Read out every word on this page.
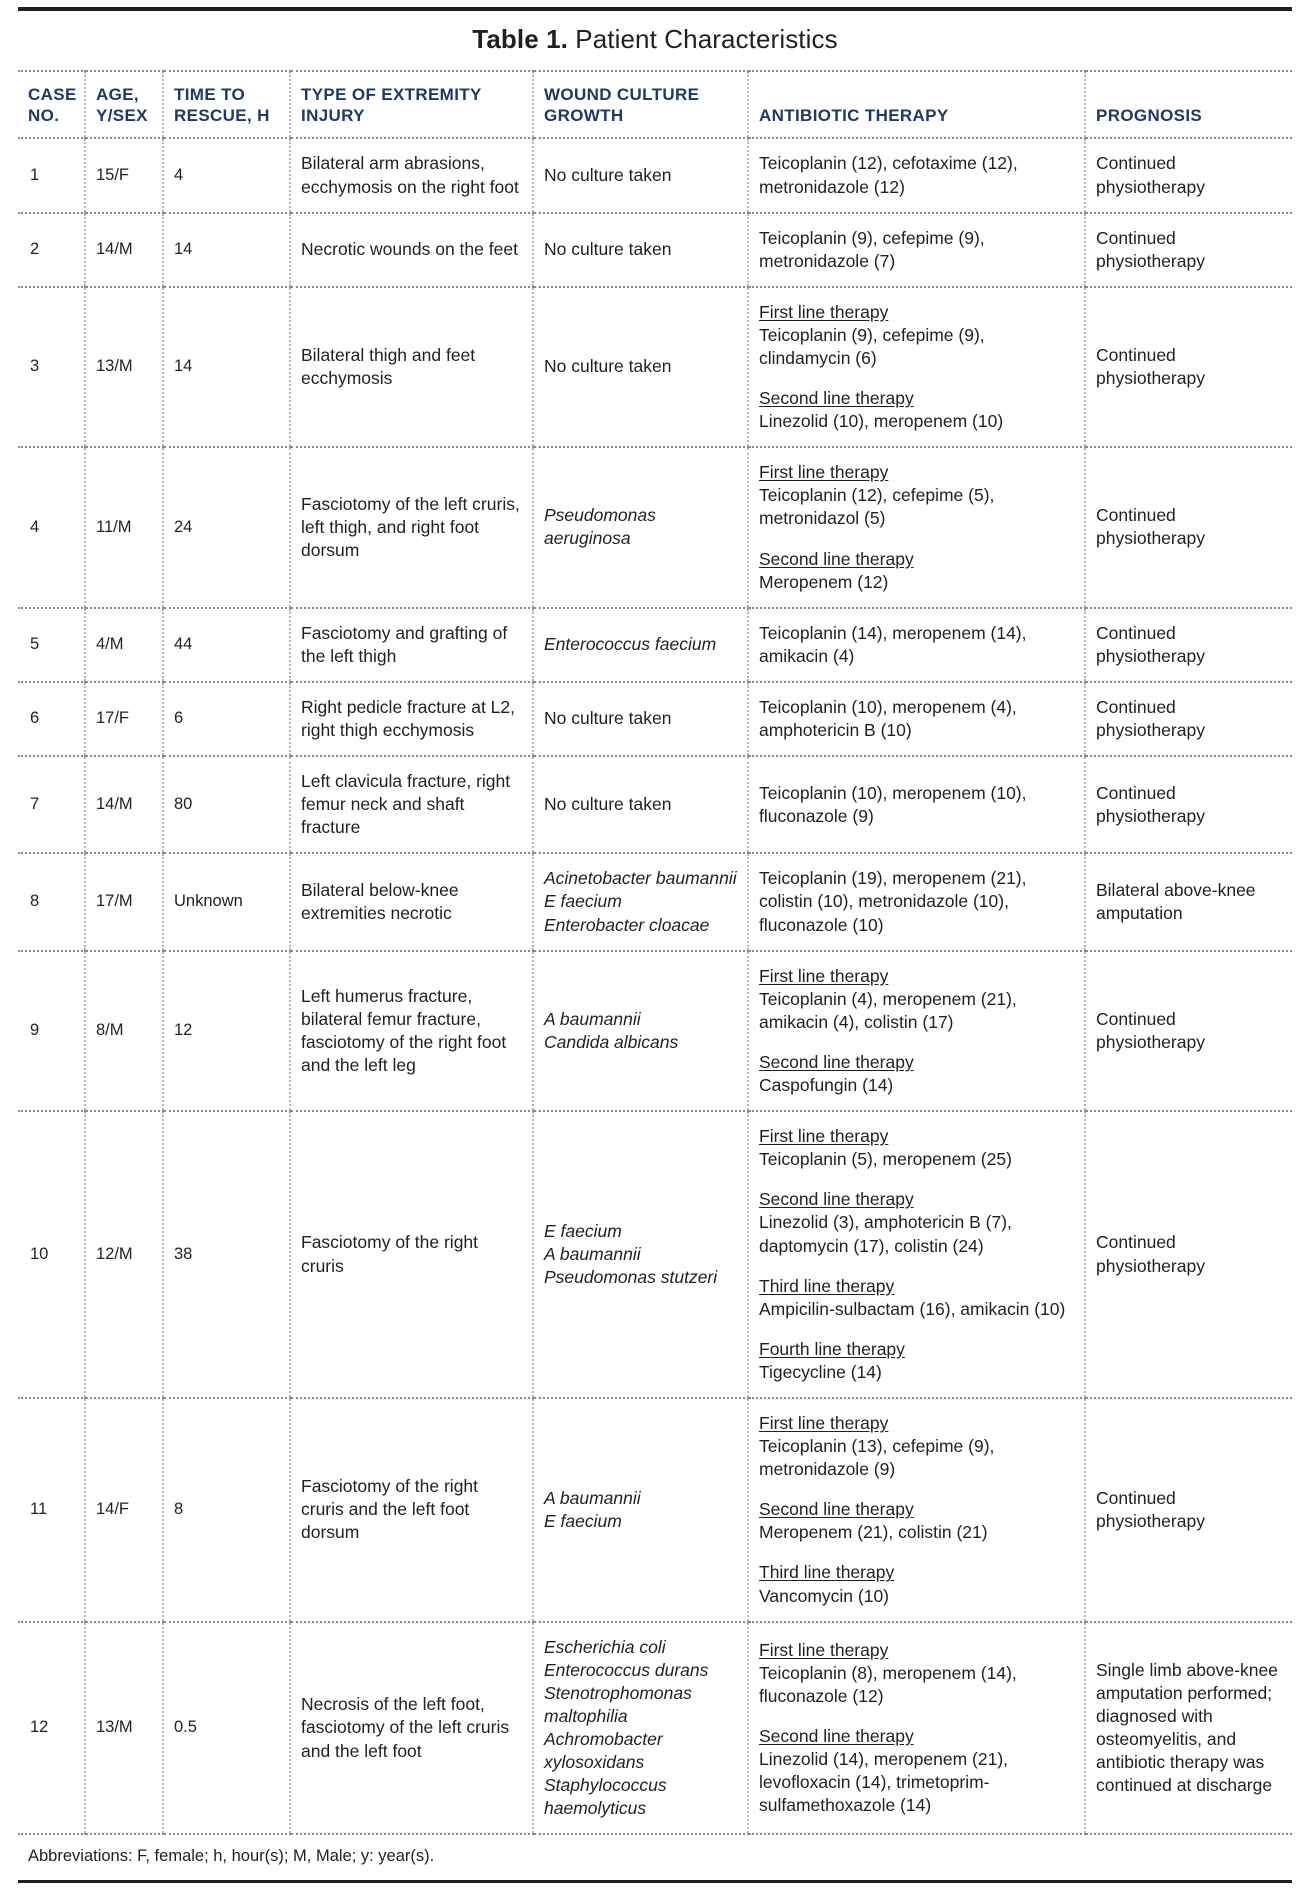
Table 1. Patient Characteristics
CASE NO.	AGE, Y/SEX	TIME TO RESCUE, H	TYPE OF EXTREMITY INJURY	WOUND CULTURE GROWTH	ANTIBIOTIC THERAPY	PROGNOSIS
1	15/F	4	Bilateral arm abrasions, ecchymosis on the right foot	No culture taken	Teicoplanin (12), cefotaxime (12), metronidazole (12)	Continued physiotherapy
2	14/M	14	Necrotic wounds on the feet	No culture taken	Teicoplanin (9), cefepime (9), metronidazole (7)	Continued physiotherapy
3	13/M	14	Bilateral thigh and feet ecchymosis	No culture taken	First line therapy
Teicoplanin (9), cefepime (9), clindamycin (6)
Second line therapy
Linezolid (10), meropenem (10)	Continued physiotherapy
4	11/M	24	Fasciotomy of the left cruris, left thigh, and right foot dorsum	Pseudomonas aeruginosa	First line therapy
Teicoplanin (12), cefepime (5), metronidazol (5)
Second line therapy
Meropenem (12)	Continued physiotherapy
5	4/M	44	Fasciotomy and grafting of the left thigh	Enterococcus faecium	Teicoplanin (14), meropenem (14), amikacin (4)	Continued physiotherapy
6	17/F	6	Right pedicle fracture at L2, right thigh ecchymosis	No culture taken	Teicoplanin (10), meropenem (4), amphotericin B (10)	Continued physiotherapy
7	14/M	80	Left clavicula fracture, right femur neck and shaft fracture	No culture taken	Teicoplanin (10), meropenem (10), fluconazole (9)	Continued physiotherapy
8	17/M	Unknown	Bilateral below-knee extremities necrotic	Acinetobacter baumannii
E faecium
Enterobacter cloacae	Teicoplanin (19), meropenem (21), colistin (10), metronidazole (10), fluconazole (10)	Bilateral above-knee amputation
9	8/M	12	Left humerus fracture, bilateral femur fracture, fasciotomy of the right foot and the left leg	
A baumannii
Candida albicans

First line therapy
Teicoplanin (4), meropenem (21), amikacin (4), colistin (17)
Second line therapy
Caspofungin (14)
	Continued physiotherapy
10	12/M	38	Fasciotomy of the right cruris	
E faecium
A baumannii
Pseudomonas stutzeri

First line therapy
Teicoplanin (5), meropenem (25)
Second line therapy
Linezolid (3), amphotericin B (7), daptomycin (17), colistin (24)
Third line therapy
Ampicilin-sulbactam (16), amikacin (10)
Fourth line therapy
Tigecycline (14)
	Continued physiotherapy
11	14/F	8	Fasciotomy of the right cruris and the left foot dorsum	
A baumannii
E faecium

First line therapy
Teicoplanin (13), cefepime (9), metronidazole (9)
Second line therapy
Meropenem (21), colistin (21)
Third line therapy
Vancomycin (10)
	Continued physiotherapy
12	13/M	0.5	Necrosis of the left foot, fasciotomy of the left cruris and the left foot	
Escherichia coli
Enterococcus durans
Stenotrophomonas maltophilia
Achromobacter xylosoxidans
Staphylococcus haemolyticus

First line therapy
Teicoplanin (8), meropenem (14), fluconazole (12)
Second line therapy
Linezolid (14), meropenem (21), levofloxacin (14), trimetoprim-sulfamethoxazole (14)
	Single limb above-knee amputation performed; diagnosed with osteomyelitis, and antibiotic therapy was continued at discharge
Abbreviations: F, female; h, hour(s); M, Male; y: year(s).
